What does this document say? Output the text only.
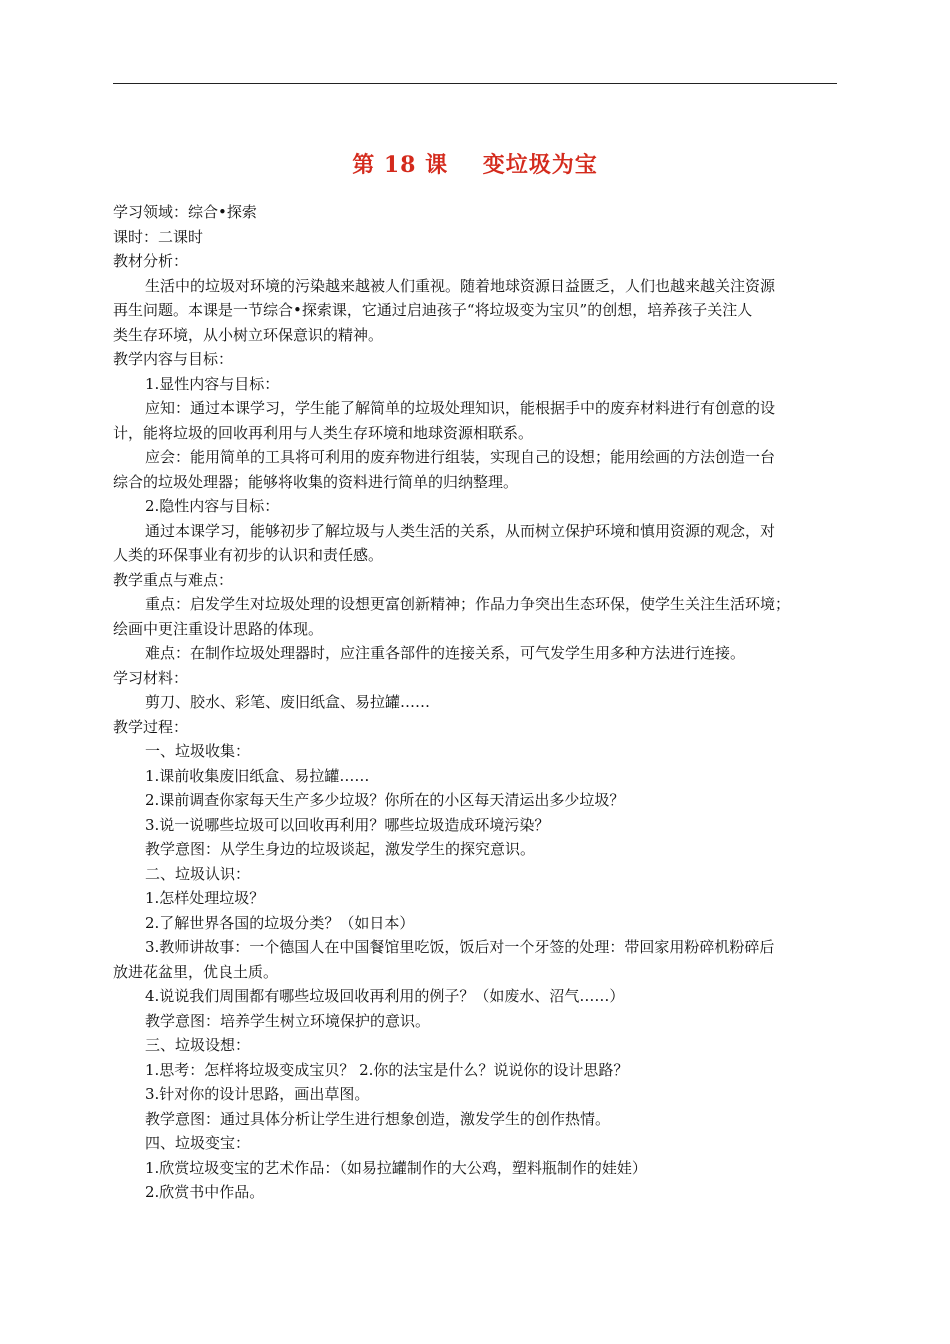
第 18 课    变垃圾为宝

学习领域：综合•探索

课时：二课时

教材分析：

生活中的垃圾对环境的污染越来越被人们重视。随着地球资源日益匮乏，人们也越来越关注资源

再生问题。本课是一节综合•探索课，它通过启迪孩子“将垃圾变为宝贝”的创想，培养孩子关注人

类生存环境，从小树立环保意识的精神。

教学内容与目标：

1.显性内容与目标：

应知：通过本课学习，学生能了解简单的垃圾处理知识，能根据手中的废弃材料进行有创意的设

计，能将垃圾的回收再利用与人类生存环境和地球资源相联系。

应会：能用简单的工具将可利用的废弃物进行组装，实现自己的设想；能用绘画的方法创造一台

综合的垃圾处理器；能够将收集的资料进行简单的归纳整理。

2.隐性内容与目标：

通过本课学习，能够初步了解垃圾与人类生活的关系，从而树立保护环境和慎用资源的观念，对

人类的环保事业有初步的认识和责任感。

教学重点与难点：

重点：启发学生对垃圾处理的设想更富创新精神；作品力争突出生态环保，使学生关注生活环境；

绘画中更注重设计思路的体现。

难点：在制作垃圾处理器时，应注重各部件的连接关系，可气发学生用多种方法进行连接。

学习材料：

剪刀、胶水、彩笔、废旧纸盒、易拉罐……

教学过程：

一、垃圾收集：

1.课前收集废旧纸盒、易拉罐……

2.课前调查你家每天生产多少垃圾？你所在的小区每天清运出多少垃圾？

3.说一说哪些垃圾可以回收再利用？哪些垃圾造成环境污染？

教学意图：从学生身边的垃圾谈起，激发学生的探究意识。

二、垃圾认识：

1.怎样处理垃圾？

2.了解世界各国的垃圾分类？（如日本）

3.教师讲故事：一个德国人在中国餐馆里吃饭，饭后对一个牙签的处理：带回家用粉碎机粉碎后

放进花盆里，优良土质。

4.说说我们周围都有哪些垃圾回收再利用的例子？（如废水、沼气……）

教学意图：培养学生树立环境保护的意识。

三、垃圾设想：

1.思考：怎样将垃圾变成宝贝？ 2.你的法宝是什么？说说你的设计思路？

3.针对你的设计思路，画出草图。

教学意图：通过具体分析让学生进行想象创造，激发学生的创作热情。

四、垃圾变宝：

1.欣赏垃圾变宝的艺术作品：（如易拉罐制作的大公鸡，塑料瓶制作的娃娃）

2.欣赏书中作品。
